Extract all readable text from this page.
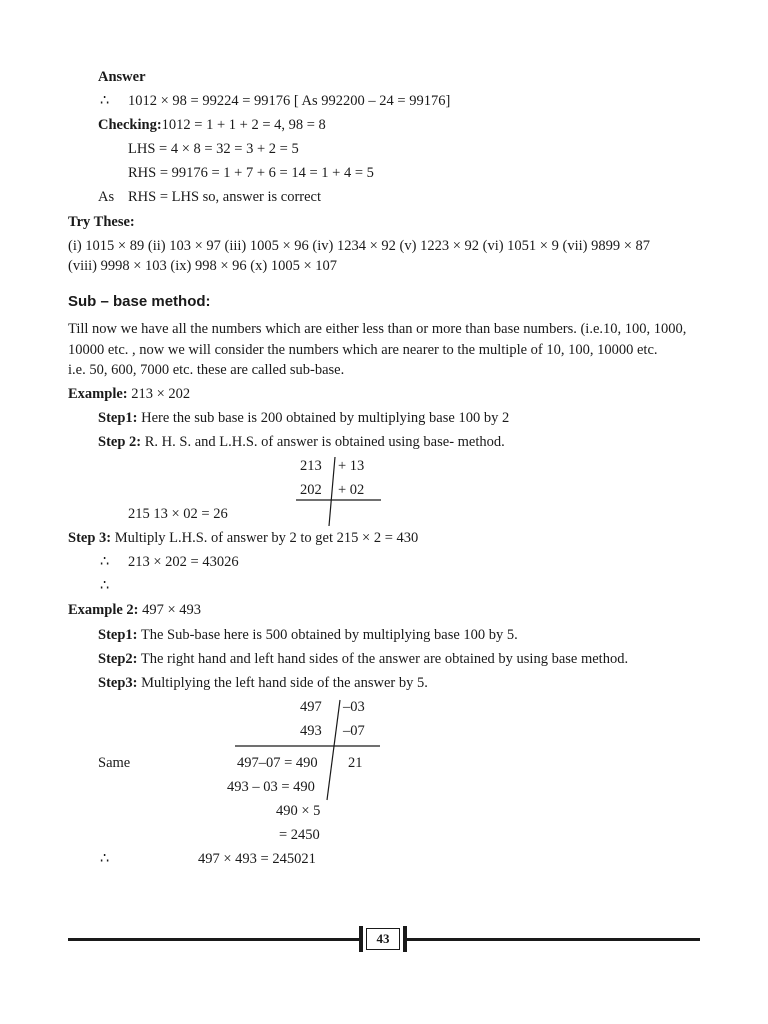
Answer
∴ 1012 × 98 = 99224 = 99176 [ As 992200 – 24 = 99176]
Checking:1012 = 1 + 1 + 2 = 4, 98 = 8
LHS = 4 × 8 = 32 = 3 + 2 = 5
RHS = 99176 = 1 + 7 + 6 = 14 = 1 + 4 = 5
As RHS = LHS so, answer is correct
Try These:
(i) 1015 × 89 (ii) 103 × 97 (iii) 1005 × 96 (iv) 1234 × 92 (v) 1223 × 92 (vi) 1051 × 9 (vii) 9899 × 87
(viii) 9998 × 103 (ix) 998 × 96 (x) 1005 × 107
Sub – base method:
Till now we have all the numbers which are either less than or more than base numbers. (i.e.10, 100, 1000,
10000 etc. , now we will consider the numbers which are nearer to the multiple of 10, 100, 10000 etc.
i.e. 50, 600, 7000 etc. these are called sub-base.
Example: 213 × 202
Step1: Here the sub base is 200 obtained by multiplying base 100 by 2
Step 2: R. H. S. and L.H.S. of answer is obtained using base- method.
213 + 13
202 + 02
215 13 × 02 = 26
Step 3: Multiply L.H.S. of answer by 2 to get 215 × 2 = 430
∴ 213 × 202 = 43026
∴
Example 2: 497 × 493
Step1: The Sub-base here is 500 obtained by multiplying base 100 by 5.
Step2: The right hand and left hand sides of the answer are obtained by using base method.
Step3: Multiplying the left hand side of the answer by 5.
497 –03
493 –07
Same	497–07 = 490 21
493 – 03 = 490
490 × 5
= 2450
∴	497 × 493 = 245021
43
